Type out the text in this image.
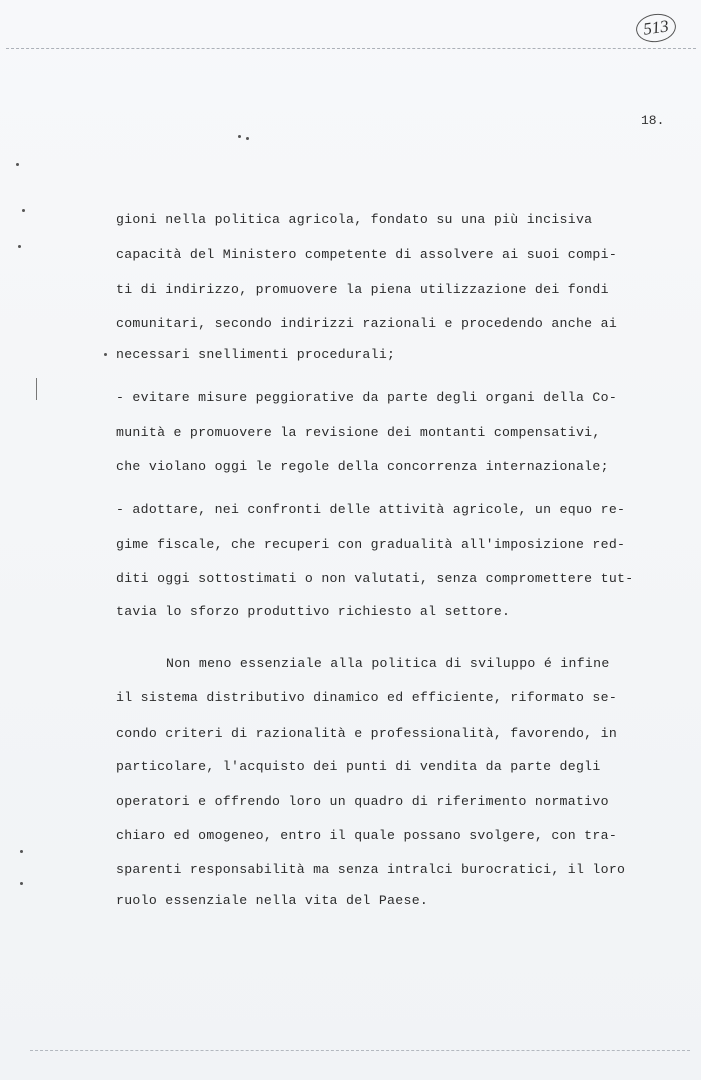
513
18.
gioni nella politica agricola, fondato su una più incisiva
capacità del Ministero competente di assolvere ai suoi compi-
ti di indirizzo, promuovere la piena utilizzazione dei fondi
comunitari, secondo indirizzi razionali e procedendo anche ai
necessari snellimenti procedurali;
- evitare misure peggiorative da parte degli organi della Co-
munità e promuovere la revisione dei montanti compensativi,
che violano oggi le regole della concorrenza internazionale;
- adottare, nei confronti delle attività agricole, un equo re-
gime fiscale, che recuperi con gradualità all'imposizione red-
diti oggi sottostimati o non valutati, senza compromettere tut-
tavia lo sforzo produttivo richiesto al settore.
Non meno essenziale alla politica di sviluppo é infine
il sistema distributivo dinamico ed efficiente, riformato se-
condo criteri di razionalità e professionalità, favorendo, in
particolare, l'acquisto dei punti di vendita da parte degli
operatori e offrendo loro un quadro di riferimento normativo
chiaro ed omogeneo, entro il quale possano svolgere, con tra-
sparenti responsabilità ma senza intralci burocratici, il loro
ruolo essenziale nella vita del Paese.
